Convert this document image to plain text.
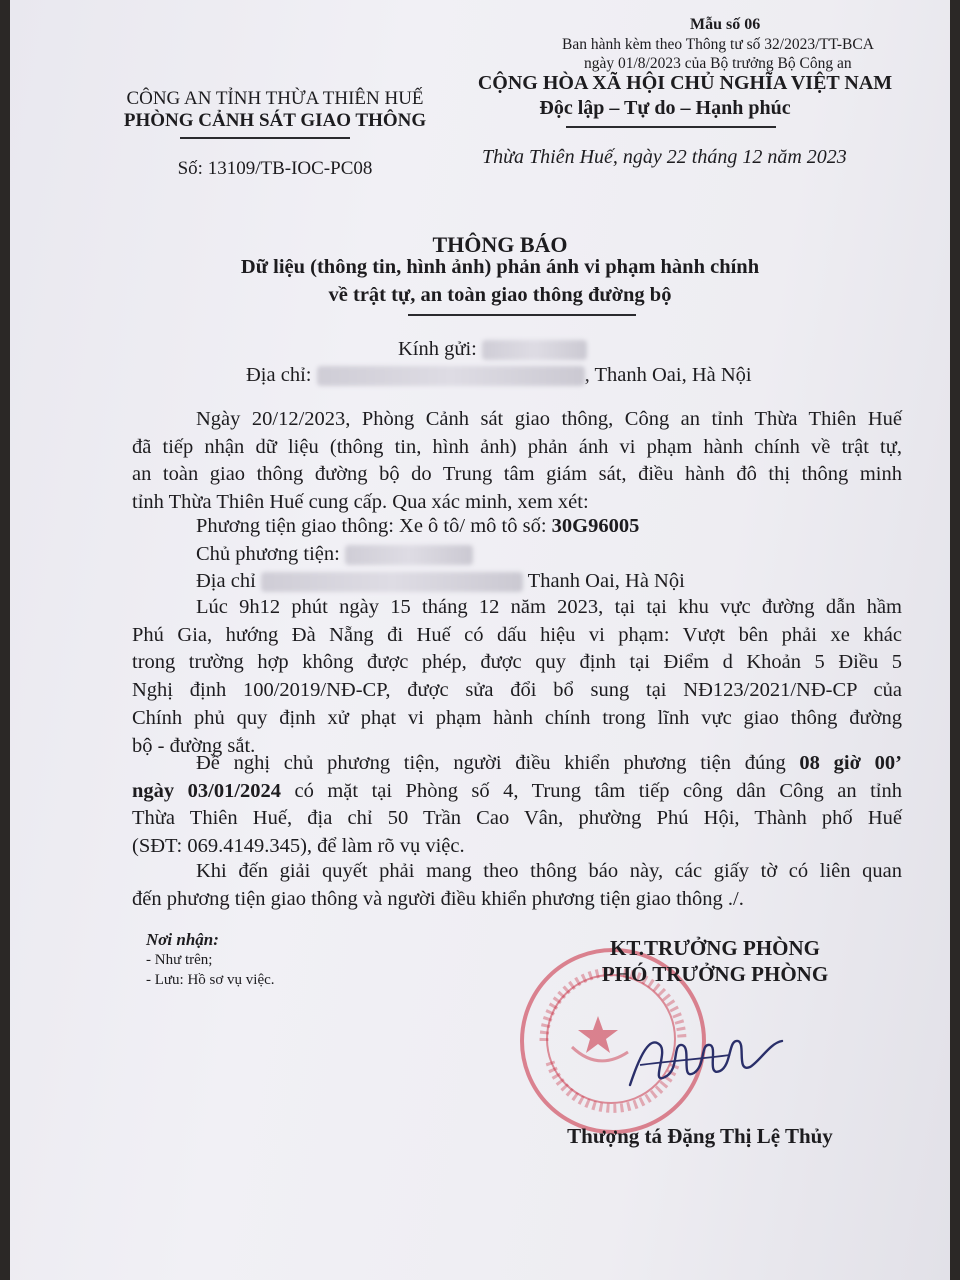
Mẫu số 06
Ban hành kèm theo Thông tư số 32/2023/TT-BCA
ngày 01/8/2023 của Bộ trưởng Bộ Công an
CÔNG AN TỈNH THỪA THIÊN HUẾ
PHÒNG CẢNH SÁT GIAO THÔNG
Số: 13109/TB-IOC-PC08
CỘNG HÒA XÃ HỘI CHỦ NGHĨA VIỆT NAM
Độc lập – Tự do – Hạnh phúc
Thừa Thiên Huế, ngày 22 tháng 12 năm 2023
THÔNG BÁO
Dữ liệu (thông tin, hình ảnh) phản ánh vi phạm hành chính
về trật tự, an toàn giao thông đường bộ
Kính gửi:
Địa chỉ:	, Thanh Oai, Hà Nội
Ngày 20/12/2023, Phòng Cảnh sát giao thông, Công an tỉnh Thừa Thiên Huế
đã tiếp nhận dữ liệu (thông tin, hình ảnh) phản ánh vi phạm hành chính về trật tự,
an toàn giao thông đường bộ do Trung tâm giám sát, điều hành đô thị thông minh
tỉnh Thừa Thiên Huế cung cấp. Qua xác minh, xem xét:
Phương tiện giao thông: Xe ô tô/ mô tô số: 30G96005
Chủ phương tiện:
Địa chỉ	Thanh Oai, Hà Nội
Lúc 9h12 phút ngày 15 tháng 12 năm 2023, tại tại khu vực đường dẫn hầm
Phú Gia, hướng Đà Nẵng đi Huế có dấu hiệu vi phạm: Vượt bên phải xe khác
trong trường hợp không được phép, được quy định tại Điểm d Khoản 5 Điều 5
Nghị định 100/2019/NĐ-CP, được sửa đổi bổ sung tại NĐ123/2021/NĐ-CP của
Chính phủ quy định xử phạt vi phạm hành chính trong lĩnh vực giao thông đường
bộ - đường sắt.
Đề nghị chủ phương tiện, người điều khiển phương tiện đúng 08 giờ 00’
ngày 03/01/2024 có mặt tại Phòng số 4, Trung tâm tiếp công dân Công an tỉnh
Thừa Thiên Huế, địa chỉ 50 Trần Cao Vân, phường Phú Hội, Thành phố Huế
(SĐT: 069.4149.345), để làm rõ vụ việc.
Khi đến giải quyết phải mang theo thông báo này, các giấy tờ có liên quan
đến phương tiện giao thông và người điều khiển phương tiện giao thông ./.
Nơi nhận:
- Như trên;
- Lưu: Hồ sơ vụ việc.
KT.TRƯỞNG PHÒNG
PHÓ TRƯỞNG PHÒNG
Thượng tá Đặng Thị Lệ Thủy
